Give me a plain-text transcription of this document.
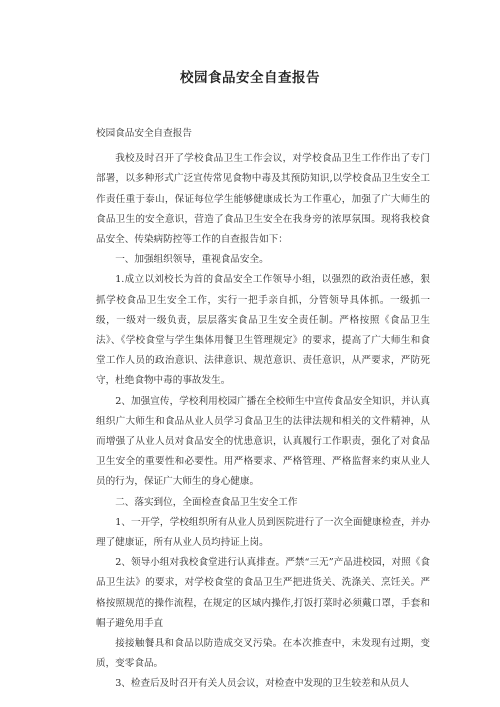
校园食品安全自查报告

校园食品安全自查报告

我校及时召开了学校食品卫生工作会议，对学校食品卫生工作作出了专门部署，以多种形式广泛宣传常见食物中毒及其预防知识,以学校食品卫生安全工作责任重于泰山，保证每位学生能够健康成长为工作重心，加强了广大师生的食品卫生的安全意识，营造了食品卫生安全在我身旁的浓厚氛围。现将我校食品安全、传染病防控等工作的自查报告如下：

一、加强组织领导，重视食品安全。

1.成立以刘校长为首的食品安全工作领导小组，以强烈的政治责任感，狠抓学校食品卫生安全工作，实行一把手亲自抓，分管领导具体抓。一级抓一级，一级对一级负责，层层落实食品卫生安全责任制。严格按照《食品卫生法》、《学校食堂与学生集体用餐卫生管理规定》的要求，提高了广大师生和食堂工作人员的政治意识、法律意识、规范意识、责任意识，从严要求，严防死守，杜绝食物中毒的事故发生。

2、加强宣传，学校利用校园广播在全校师生中宣传食品安全知识，并认真组织广大师生和食品从业人员学习食品卫生的法律法规和相关的文件精神，从而增强了从业人员对食品安全的忧患意识，认真履行工作职责，强化了对食品卫生安全的重要性和必要性。用严格要求、严格管理、严格监督来约束从业人员的行为，保证广大师生的身心健康。

二、落实到位，全面检查食品卫生安全工作

1、一开学，学校组织所有从业人员到医院进行了一次全面健康检查，并办理了健康证，所有从业人员均持证上岗。

2、领导小组对我校食堂进行认真排查。严禁“三无”产品进校园，对照《食品卫生法》的要求，对学校食堂的食品卫生严把进货关、洗涤关、烹饪关。严格按照规范的操作流程，在规定的区域内操作,打饭打菜时必须戴口罩，手套和帽子避免用手直

接接触餐具和食品以防造成交叉污染。在本次推查中，未发现有过期，变质，变零食品。

3、检查后及时召开有关人员会议，对检查中发现的卫生较差和从员人
